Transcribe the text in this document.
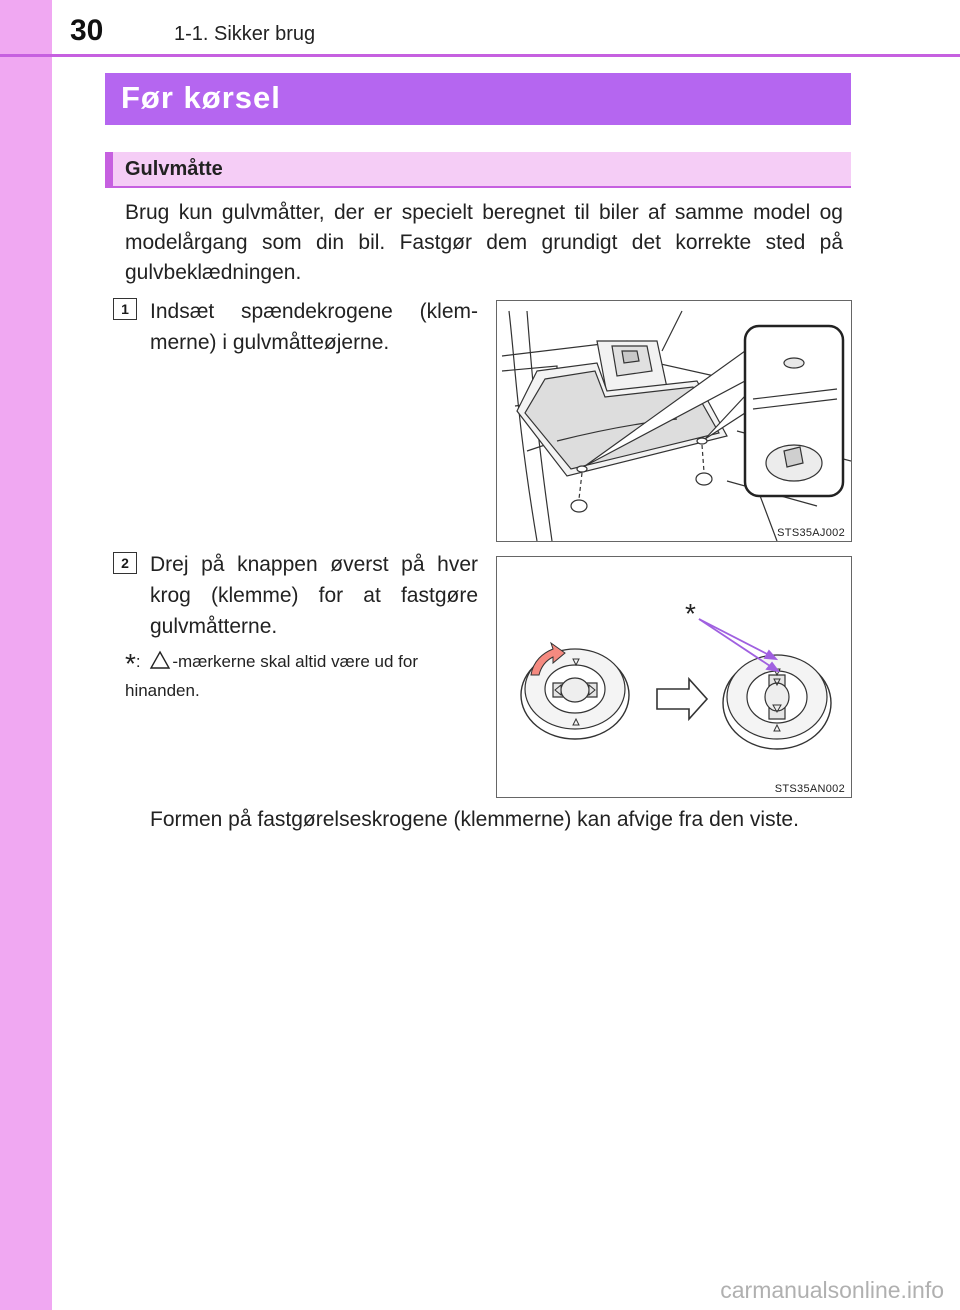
30	1-1. Sikker brug
Før kørsel
Gulvmåtte
Brug kun gulvmåtter, der er specielt beregnet til biler af samme model og modelårgang som din bil. Fastgør dem grundigt det korrekte sted på gulvbeklædningen.
1	Indsæt spændekrogene (klem-merne) i gulvmåtteøjerne.
STS35AJ002
2	Drej på knappen øverst på hver krog (klemme) for at fastgøre gulvmåtterne.
*: -mærkerne skal altid være ud for hinanden.
*
STS35AN002
Formen på fastgørelseskrogene (klemmerne) kan afvige fra den viste.
carmanualsonline.info
